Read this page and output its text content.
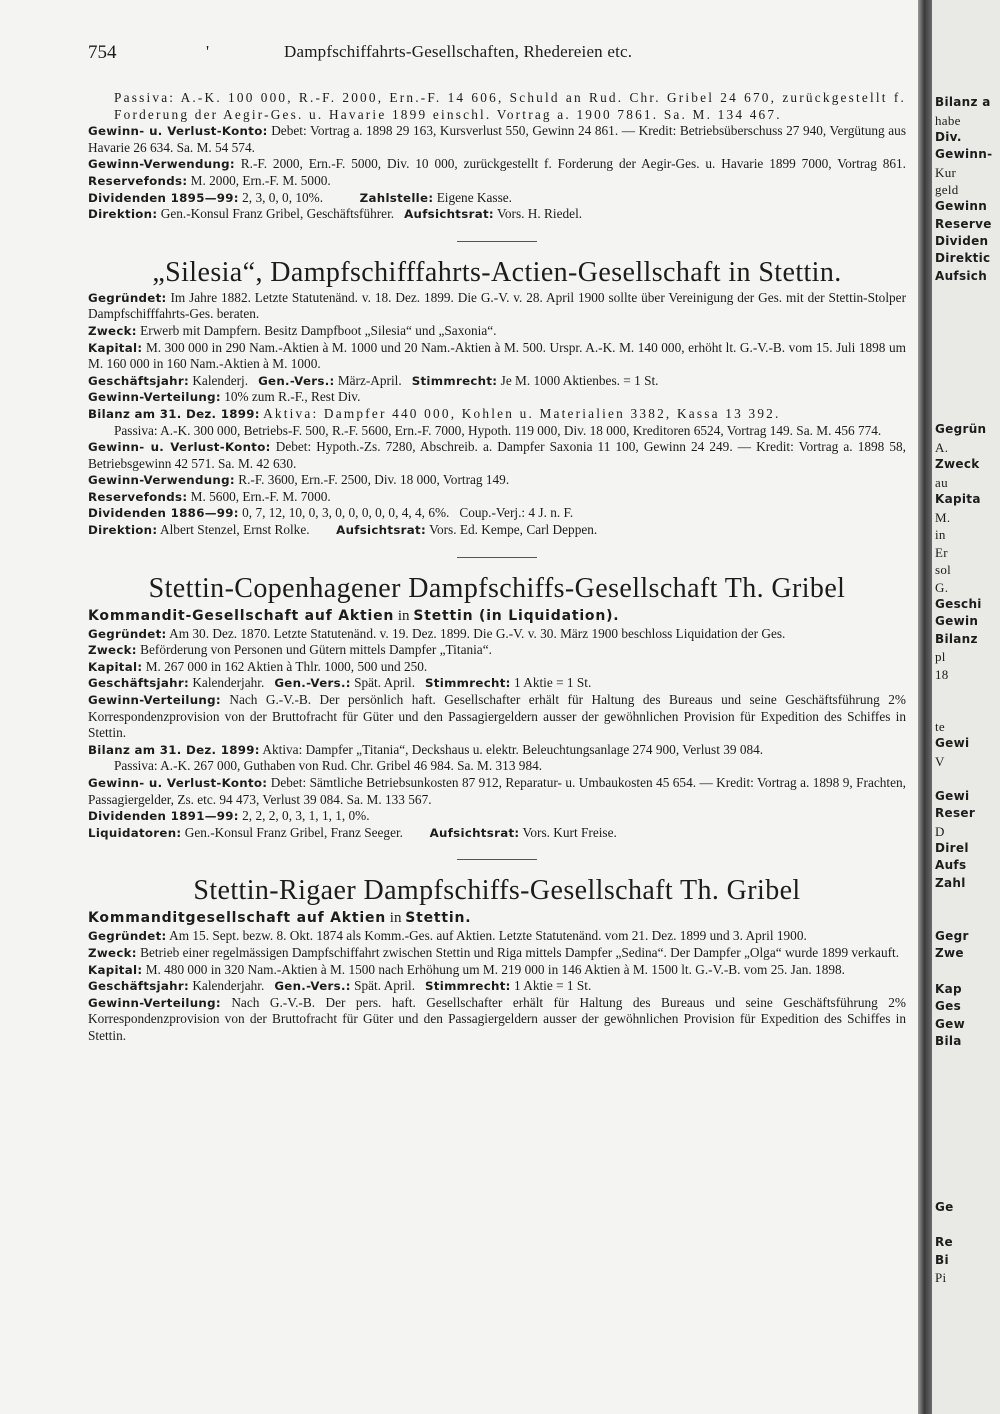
754	'	Dampfschiffahrts-Gesellschaften, Rhedereien etc.

Passiva: A.-K. 100 000, R.-F. 2000, Ern.-F. 14 606, Schuld an Rud. Chr. Gribel 24 670, zurückgestellt f. Forderung der Aegir-Ges. u. Havarie 1899 einschl. Vortrag a. 1900 7861. Sa. M. 134 467.

Gewinn- u. Verlust-Konto: Debet: Vortrag a. 1898 29 163, Kursverlust 550, Gewinn 24 861. — Kredit: Betriebsüberschuss 27 940, Vergütung aus Havarie 26 634. Sa. M. 54 574.

Gewinn-Verwendung: R.-F. 2000, Ern.-F. 5000, Div. 10 000, zurückgestellt f. Forderung der Aegir-Ges. u. Havarie 1899 7000, Vortrag 861. Reservefonds: M. 2000, Ern.-F. M. 5000.

Dividenden 1895—99: 2, 3, 0, 0, 10%.	Zahlstelle: Eigene Kasse.

Direktion: Gen.-Konsul Franz Gribel, Geschäftsführer. Aufsichtsrat: Vors. H. Riedel.

„Silesia“, Dampfschifffahrts-Actien-Gesellschaft in Stettin.

Gegründet: Im Jahre 1882. Letzte Statutenänd. v. 18. Dez. 1899. Die G.-V. v. 28. April 1900 sollte über Vereinigung der Ges. mit der Stettin-Stolper Dampfschifffahrts-Ges. beraten.

Zweck: Erwerb mit Dampfern. Besitz Dampfboot „Silesia“ und „Saxonia“.

Kapital: M. 300 000 in 290 Nam.-Aktien à M. 1000 und 20 Nam.-Aktien à M. 500. Urspr. A.-K. M. 140 000, erhöht lt. G.-V.-B. vom 15. Juli 1898 um M. 160 000 in 160 Nam.-Aktien à M. 1000.

Geschäftsjahr: Kalenderj. Gen.-Vers.: März-April. Stimmrecht: Je M. 1000 Aktienbes. = 1 St.

Gewinn-Verteilung: 10% zum R.-F., Rest Div.

Bilanz am 31. Dez. 1899: Aktiva: Dampfer 440 000, Kohlen u. Materialien 3382, Kassa 13 392.

Passiva: A.-K. 300 000, Betriebs-F. 500, R.-F. 5600, Ern.-F. 7000, Hypoth. 119 000, Div. 18 000, Kreditoren 6524, Vortrag 149. Sa. M. 456 774.

Gewinn- u. Verlust-Konto: Debet: Hypoth.-Zs. 7280, Abschreib. a. Dampfer Saxonia 11 100, Gewinn 24 249. — Kredit: Vortrag a. 1898 58, Betriebsgewinn 42 571. Sa. M. 42 630.

Gewinn-Verwendung: R.-F. 3600, Ern.-F. 2500, Div. 18 000, Vortrag 149.

Reservefonds: M. 5600, Ern.-F. M. 7000.

Dividenden 1886—99: 0, 7, 12, 10, 0, 3, 0, 0, 0, 0, 0, 4, 4, 6%. Coup.-Verj.: 4 J. n. F.

Direktion: Albert Stenzel, Ernst Rolke. Aufsichtsrat: Vors. Ed. Kempe, Carl Deppen.

Stettin-Copenhagener Dampfschiffs-Gesellschaft Th. Gribel

Kommandit-Gesellschaft auf Aktien in Stettin (in Liquidation).

Gegründet: Am 30. Dez. 1870. Letzte Statutenänd. v. 19. Dez. 1899. Die G.-V. v. 30. März 1900 beschloss Liquidation der Ges.

Zweck: Beförderung von Personen und Gütern mittels Dampfer „Titania“.

Kapital: M. 267 000 in 162 Aktien à Thlr. 1000, 500 und 250.

Geschäftsjahr: Kalenderjahr. Gen.-Vers.: Spät. April. Stimmrecht: 1 Aktie = 1 St.

Gewinn-Verteilung: Nach G.-V.-B. Der persönlich haft. Gesellschafter erhält für Haltung des Bureaus und seine Geschäftsführung 2% Korrespondenzprovision von der Bruttofracht für Güter und den Passagiergeldern ausser der gewöhnlichen Provision für Expedition des Schiffes in Stettin.

Bilanz am 31. Dez. 1899: Aktiva: Dampfer „Titania“, Deckshaus u. elektr. Beleuchtungsanlage 274 900, Verlust 39 084.

Passiva: A.-K. 267 000, Guthaben von Rud. Chr. Gribel 46 984. Sa. M. 313 984.

Gewinn- u. Verlust-Konto: Debet: Sämtliche Betriebsunkosten 87 912, Reparatur- u. Umbaukosten 45 654. — Kredit: Vortrag a. 1898 9, Frachten, Passagiergelder, Zs. etc. 94 473, Verlust 39 084. Sa. M. 133 567.

Dividenden 1891—99: 2, 2, 2, 0, 3, 1, 1, 1, 0%.

Liquidatoren: Gen.-Konsul Franz Gribel, Franz Seeger. Aufsichtsrat: Vors. Kurt Freise.

Stettin-Rigaer Dampfschiffs-Gesellschaft Th. Gribel

Kommanditgesellschaft auf Aktien in Stettin.

Gegründet: Am 15. Sept. bezw. 8. Okt. 1874 als Komm.-Ges. auf Aktien. Letzte Statutenänd. vom 21. Dez. 1899 und 3. April 1900.

Zweck: Betrieb einer regelmässigen Dampfschiffahrt zwischen Stettin und Riga mittels Dampfer „Sedina“. Der Dampfer „Olga“ wurde 1899 verkauft.

Kapital: M. 480 000 in 320 Nam.-Aktien à M. 1500 nach Erhöhung um M. 219 000 in 146 Aktien à M. 1500 lt. G.-V.-B. vom 25. Jan. 1898.

Geschäftsjahr: Kalenderjahr. Gen.-Vers.: Spät. April. Stimmrecht: 1 Aktie = 1 St.

Gewinn-Verteilung: Nach G.-V.-B. Der pers. haft. Gesellschafter erhält für Haltung des Bureaus und seine Geschäftsführung 2% Korrespondenzprovision von der Bruttofracht für Güter und den Passagiergeldern ausser der gewöhnlichen Provision für Expedition des Schiffes in Stettin.

Bilanz a
habe
Div.
Gewinn-
Kur
geld
Gewinn
Reserve
Dividen
Direktic
Aufsich
Gegrün
A.
Zweck
au
Kapita
M.
in
Er
sol
G.
Geschi
Gewin
Bilanz
pl
18
te
Gewi
V
Gewi
Reser
D
Direl
Aufs
Zahl
Gegr
Zwe
Kap
Ges
Gew
Bila
Ge
Re
Bi
Pi
